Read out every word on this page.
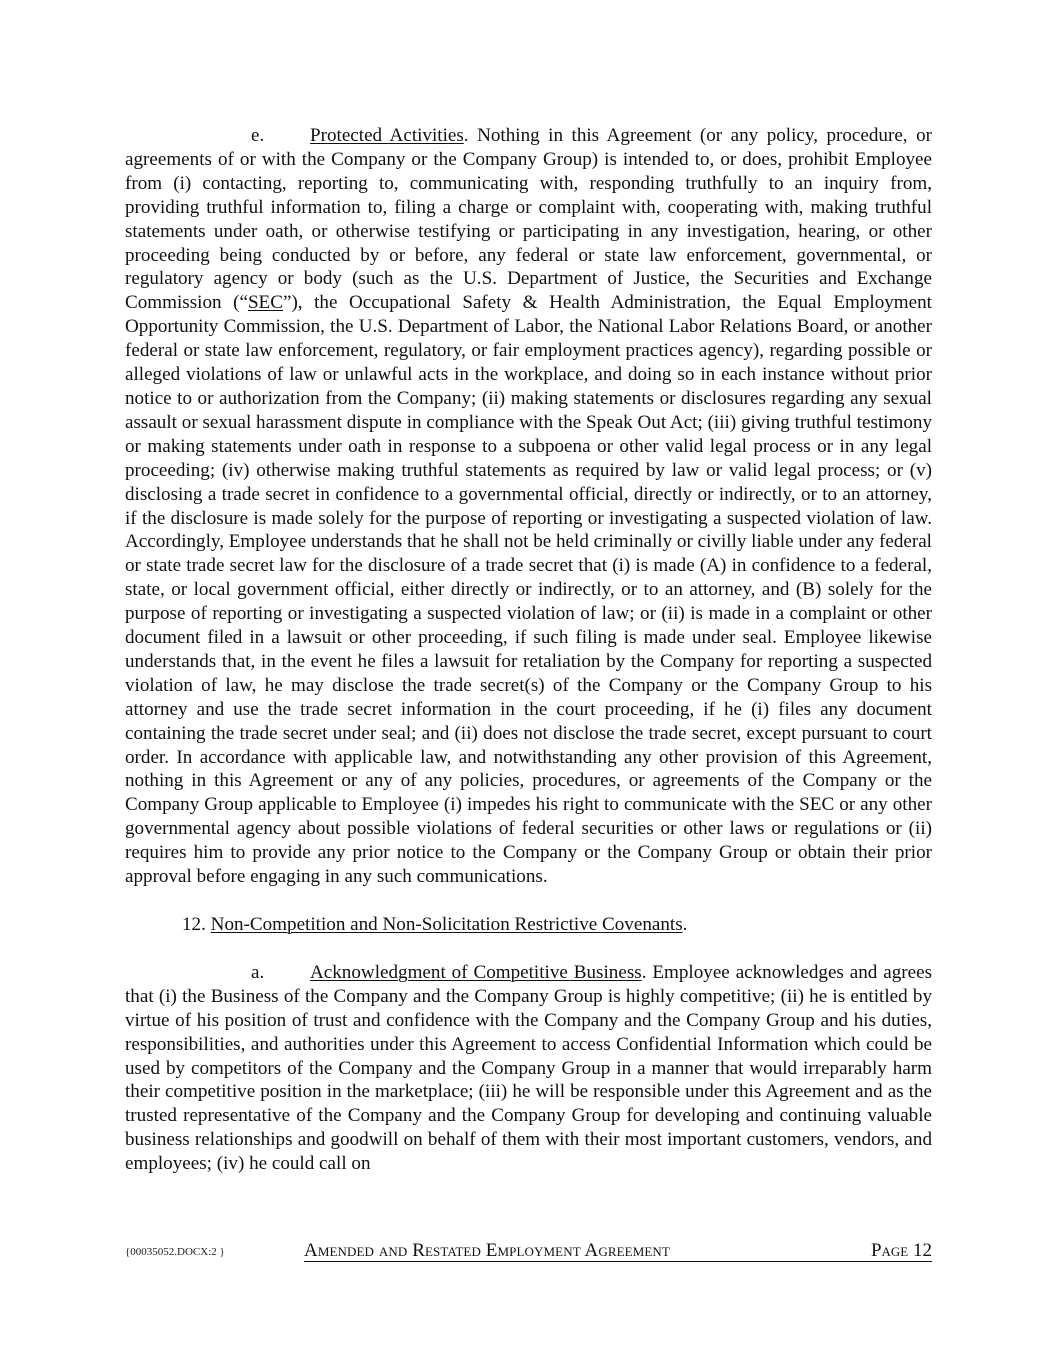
e. Protected Activities. Nothing in this Agreement (or any policy, procedure, or agreements of or with the Company or the Company Group) is intended to, or does, prohibit Employee from (i) contacting, reporting to, communicating with, responding truthfully to an inquiry from, providing truthful information to, filing a charge or complaint with, cooperating with, making truthful statements under oath, or otherwise testifying or participating in any investigation, hearing, or other proceeding being conducted by or before, any federal or state law enforcement, governmental, or regulatory agency or body (such as the U.S. Department of Justice, the Securities and Exchange Commission (“SEC”), the Occupational Safety & Health Administration, the Equal Employment Opportunity Commission, the U.S. Department of Labor, the National Labor Relations Board, or another federal or state law enforcement, regulatory, or fair employment practices agency), regarding possible or alleged violations of law or unlawful acts in the workplace, and doing so in each instance without prior notice to or authorization from the Company; (ii) making statements or disclosures regarding any sexual assault or sexual harassment dispute in compliance with the Speak Out Act; (iii) giving truthful testimony or making statements under oath in response to a subpoena or other valid legal process or in any legal proceeding; (iv) otherwise making truthful statements as required by law or valid legal process; or (v) disclosing a trade secret in confidence to a governmental official, directly or indirectly, or to an attorney, if the disclosure is made solely for the purpose of reporting or investigating a suspected violation of law. Accordingly, Employee understands that he shall not be held criminally or civilly liable under any federal or state trade secret law for the disclosure of a trade secret that (i) is made (A) in confidence to a federal, state, or local government official, either directly or indirectly, or to an attorney, and (B) solely for the purpose of reporting or investigating a suspected violation of law; or (ii) is made in a complaint or other document filed in a lawsuit or other proceeding, if such filing is made under seal. Employee likewise understands that, in the event he files a lawsuit for retaliation by the Company for reporting a suspected violation of law, he may disclose the trade secret(s) of the Company or the Company Group to his attorney and use the trade secret information in the court proceeding, if he (i) files any document containing the trade secret under seal; and (ii) does not disclose the trade secret, except pursuant to court order. In accordance with applicable law, and notwithstanding any other provision of this Agreement, nothing in this Agreement or any of any policies, procedures, or agreements of the Company or the Company Group applicable to Employee (i) impedes his right to communicate with the SEC or any other governmental agency about possible violations of federal securities or other laws or regulations or (ii) requires him to provide any prior notice to the Company or the Company Group or obtain their prior approval before engaging in any such communications.

12. Non-Competition and Non-Solicitation Restrictive Covenants.

a. Acknowledgment of Competitive Business. Employee acknowledges and agrees that (i) the Business of the Company and the Company Group is highly competitive; (ii) he is entitled by virtue of his position of trust and confidence with the Company and the Company Group and his duties, responsibilities, and authorities under this Agreement to access Confidential Information which could be used by competitors of the Company and the Company Group in a manner that would irreparably harm their competitive position in the marketplace; (iii) he will be responsible under this Agreement and as the trusted representative of the Company and the Company Group for developing and continuing valuable business relationships and goodwill on behalf of them with their most important customers, vendors, and employees; (iv) he could call on

{00035052.DOCX:2 }	Amended and Restated Employment Agreement	Page 12
